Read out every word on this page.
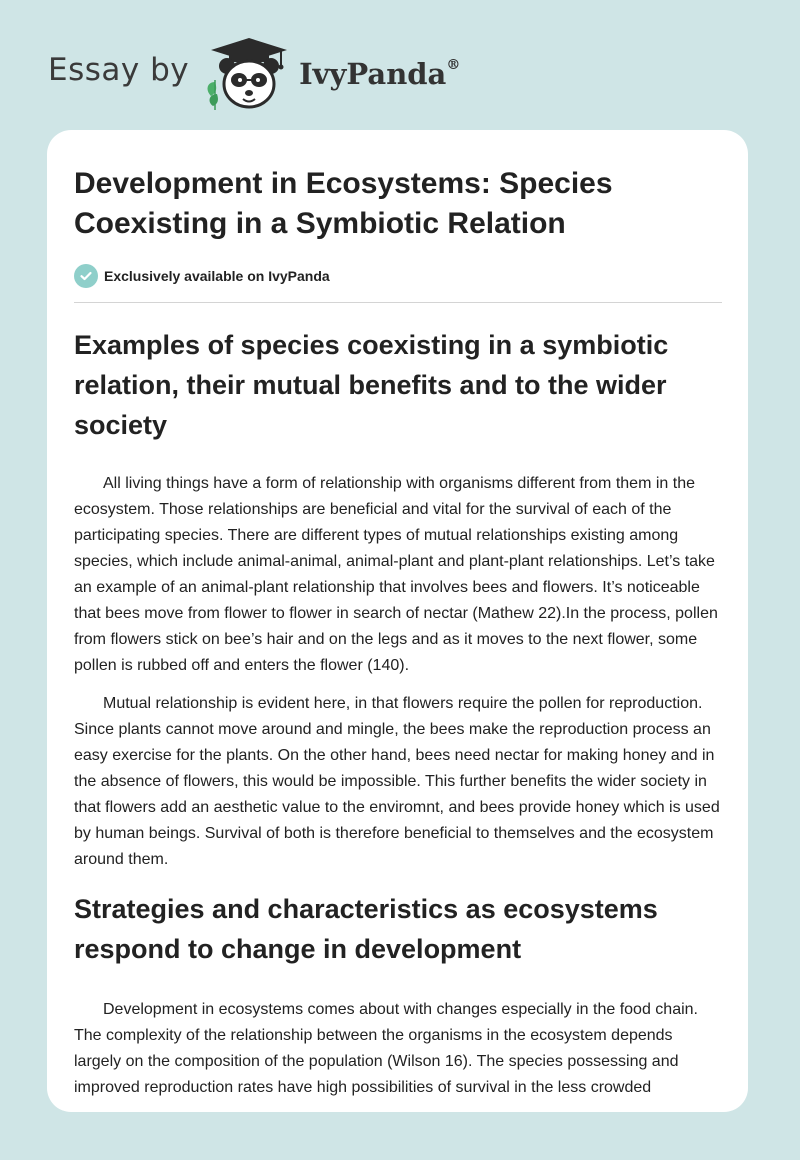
Essay by	IvyPanda®
Development in Ecosystems: Species Coexisting in a Symbiotic Relation
Exclusively available on IvyPanda
Examples of species coexisting in a symbiotic relation, their mutual benefits and to the wider society

All living things have a form of relationship with organisms different from them in the ecosystem. Those relationships are beneficial and vital for the survival of each of the participating species. There are different types of mutual relationships existing among species, which include animal-animal, animal-plant and plant-plant relationships. Let’s take an example of an animal-plant relationship that involves bees and flowers. It’s noticeable that bees move from flower to flower in search of nectar (Mathew 22).In the process, pollen from flowers stick on bee’s hair and on the legs and as it moves to the next flower, some pollen is rubbed off and enters the flower (140).

Mutual relationship is evident here, in that flowers require the pollen for reproduction. Since plants cannot move around and mingle, the bees make the reproduction process an easy exercise for the plants. On the other hand, bees need nectar for making honey and in the absence of flowers, this would be impossible. This further benefits the wider society in that flowers add an aesthetic value to the enviromnt, and bees provide honey which is used by human beings. Survival of both is therefore beneficial to themselves and the ecosystem around them.

Strategies and characteristics as ecosystems respond to change in development

Development in ecosystems comes about with changes especially in the food chain. The complexity of the relationship between the organisms in the ecosystem depends largely on the composition of the population (Wilson 16). The species possessing and improved reproduction rates have high possibilities of survival in the less crowded
